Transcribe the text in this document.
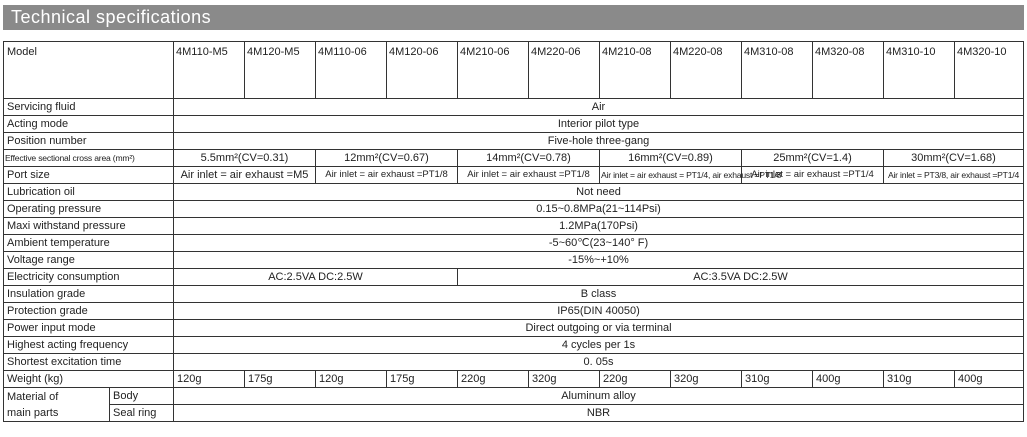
Technical specifications
Model		4M110-M5	4M120-M5	4M110-06	4M120-06	4M210-06	4M220-06	4M210-08	4M220-08	4M310-08	4M320-08	4M310-10	4M320-10
Servicing fluid		Air											
Acting mode		Interior pilot type											
Position number		Five-hole three-gang											
Effective sectional cross area (mm²)		5.5mm²(CV=0.31)		12mm²(CV=0.67)		14mm²(CV=0.78)		16mm²(CV=0.89)		25mm²(CV=1.4)		30mm²(CV=1.68)	
Port size		Air inlet = air exhaust =M5		Air inlet = air exhaust =PT1/8		Air inlet = air exhaust =PT1/8		Air inlet = air exhaust = PT1/4, air exhaust =PT1/8		Air inlet = air exhaust =PT1/4		Air inlet = PT3/8, air exhaust =PT1/4	
Lubrication oil		Not need											
Operating pressure		0.15~0.8MPa(21~114Psi)											
Maxi withstand pressure		1.2MPa(170Psi)											
Ambient temperature		-5~60℃(23~140° F)											
Voltage range		-15%~+10%											
Electricity consumption		AC:2.5VA DC:2.5W				AC:3.5VA DC:2.5W							
Insulation grade		B class											
Protection grade		IP65(DIN 40050)											
Power input mode		Direct outgoing or via terminal											
Highest acting frequency		4 cycles per 1s											
Shortest excitation time		0. 05s											
Weight (kg)		120g	175g	120g	175g	220g	320g	220g	320g	310g	400g	310g	400g

Material of
main parts	Body	Aluminum alloy											
	Seal ring	NBR											
